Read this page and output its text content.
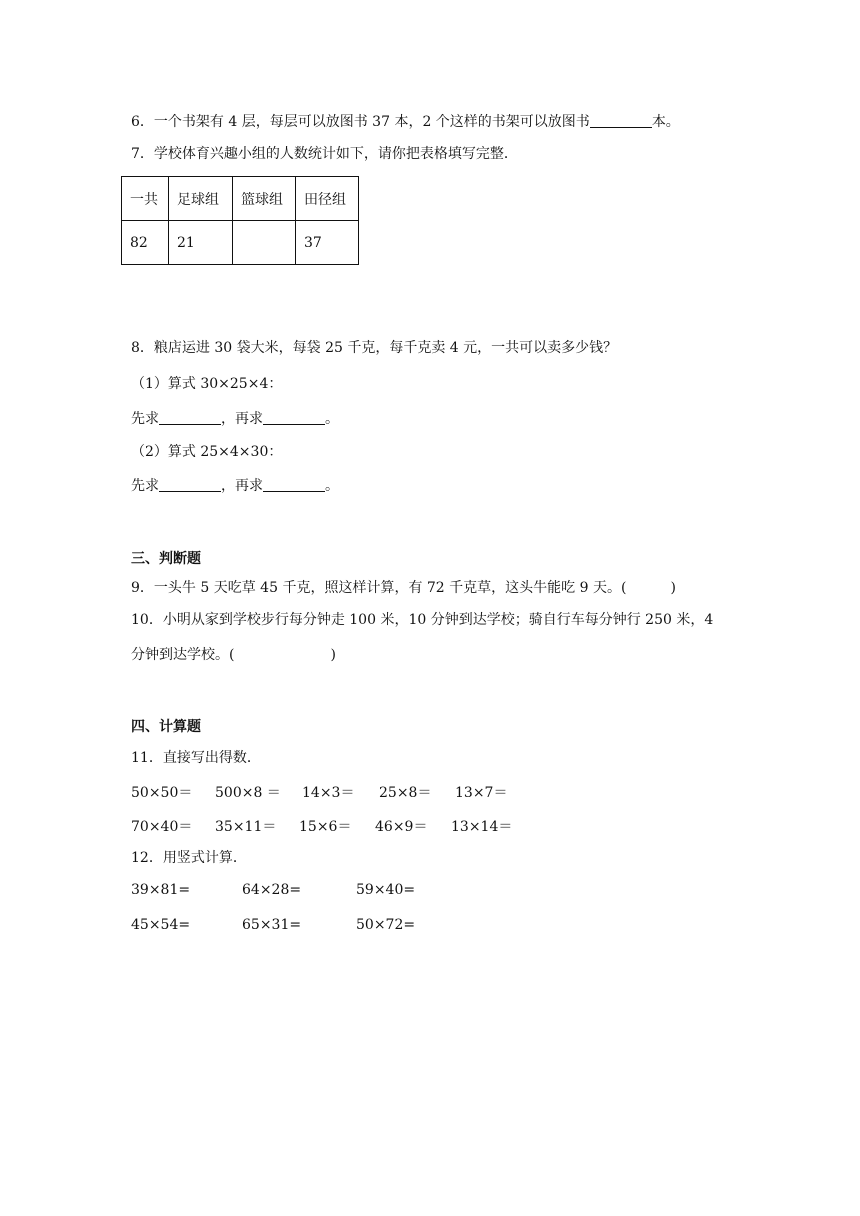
6．一个书架有 4 层，每层可以放图书 37 本，2 个这样的书架可以放图书	本。
7．学校体育兴趣小组的人数统计如下，请你把表格填写完整．
一共	足球组	篮球组	田径组
82	21		37
8．粮店运进 30 袋大米，每袋 25 千克，每千克卖 4 元，一共可以卖多少钱？
（1）算式 30×25×4：
先求	，再求	。
（2）算式 25×4×30：
先求	，再求	。
三、判断题
9．一头牛 5 天吃草 45 千克，照这样计算，有 72 千克草，这头牛能吃 9 天。(	)
10．小明从家到学校步行每分钟走 100 米，10 分钟到达学校；骑自行车每分钟行 250 米，4
分钟到达学校。(	)
四、计算题
11．直接写出得数．
50×50＝ 500×8 ＝ 14×3＝ 25×8＝ 13×7＝
70×40＝ 35×11＝ 15×6＝ 46×9＝ 13×14＝
12．用竖式计算．
39×81=	64×28=	59×40=
45×54=	65×31=	50×72=
